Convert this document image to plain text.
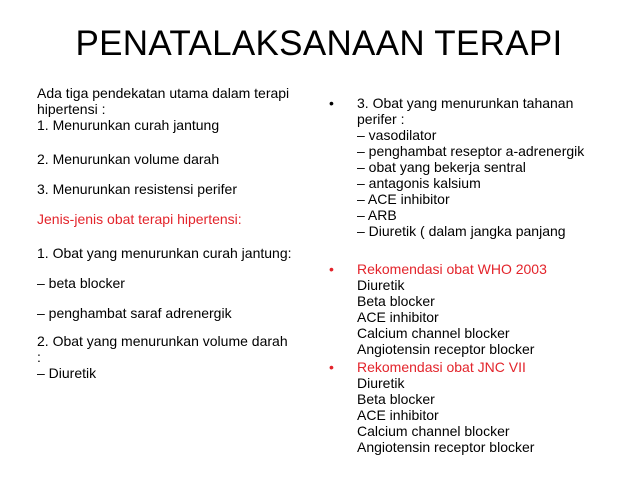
PENATALAKSANAAN TERAPI
Ada tiga pendekatan utama dalam terapi
hipertensi :
1. Menurunkan curah jantung
2. Menurunkan volume darah
3. Menurunkan resistensi perifer
Jenis-jenis obat terapi hipertensi:
1. Obat yang menurunkan curah jantung:
– beta blocker
– penghambat saraf adrenergik
2. Obat yang menurunkan volume darah
:
– Diuretik
• 3. Obat yang menurunkan tahanan
perifer :
– vasodilator
– penghambat reseptor a-adrenergik
– obat yang bekerja sentral
– antagonis kalsium
– ACE inhibitor
– ARB
– Diuretik ( dalam jangka panjang
• Rekomendasi obat WHO 2003
Diuretik
Beta blocker
ACE inhibitor
Calcium channel blocker
Angiotensin receptor blocker
• Rekomendasi obat JNC VII
Diuretik
Beta blocker
ACE inhibitor
Calcium channel blocker
Angiotensin receptor blocker
